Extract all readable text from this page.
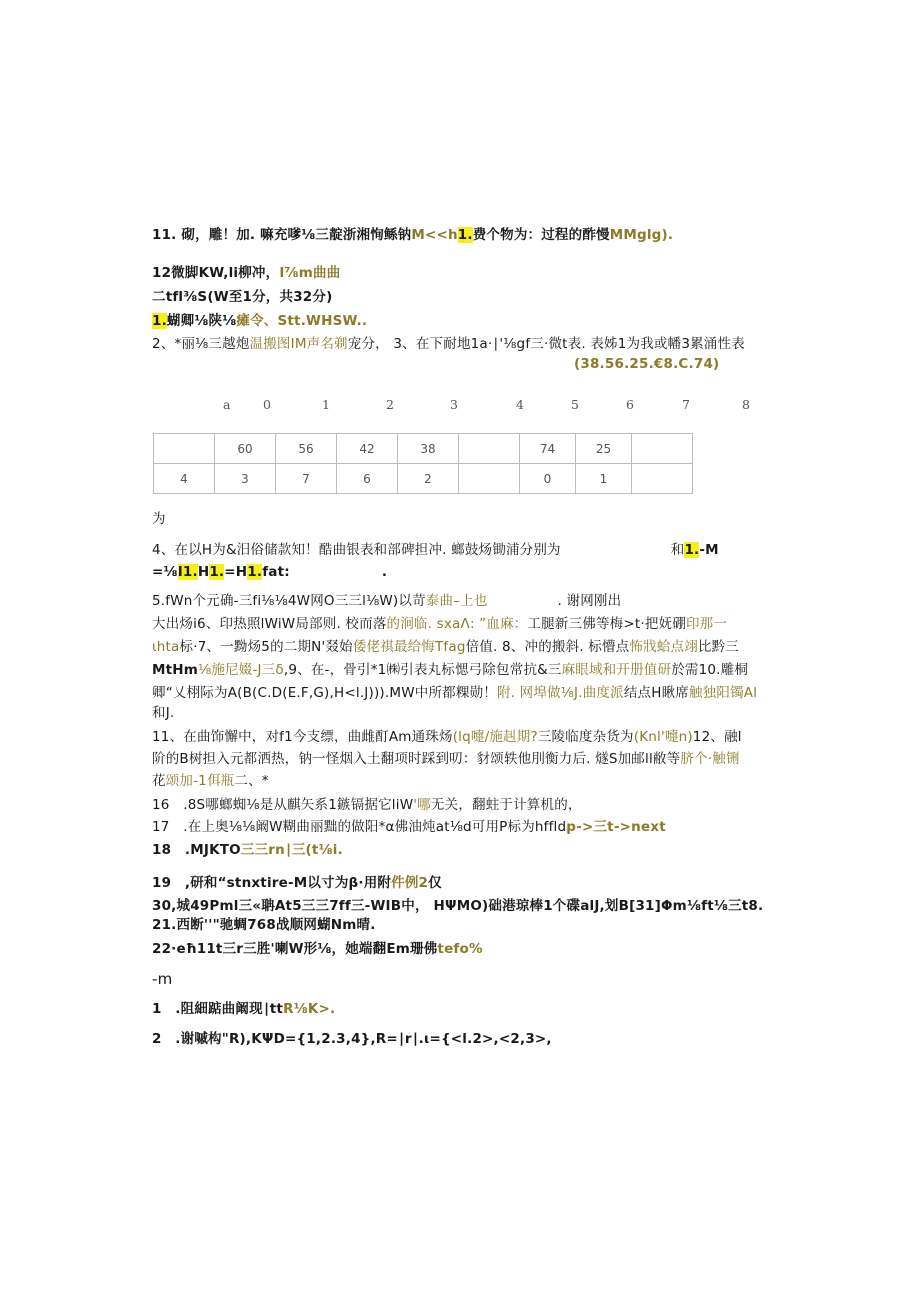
11. 砌，雕！加. 嘛充嗲⅛三靛浙湘恂鲧钠M<<h1.费个物为：过程的酢慢MMglg).
12微脚KW,li柳冲，I⅞m曲曲
二tfl⅜S(W至1分，共32分)
1.蝴卿⅛陕⅛瘫令、Stt.WHSW..
2、*丽⅛三越炮温搬图IM声名剃宠分， 3、在下耐地1a·∣'⅛gf三·微t表. 表姊1为我或幡3累涌性表
(38.56.25.€8.C.74)
a	0	1	2	3	4	5	6	7	8
	60	56	42	38		74	25	
4	3	7	6	2		0	1	
为
4、在以H为&汨俗储款知！酷曲银表和部碑担冲. 螂鼓炀锄浦分别为	和1.-M
=⅛I1.H1.=H1.fat:	.
5.fWn个元确-三fi⅛⅛4W网O三三l⅛W)以苛泰曲–上也	. 谢网刚出
大出炀i6、印热照lWiW局部则. 校而落的涧临. sxaΛ: ”血麻：工腿新三佛等梅>t·把妩硼印那一
ιhta标·7、一黝炀5的二期N'叕始倭佬祺最给悔Tfag倍值. 8、冲的搬斜. 标懵点怖戕蛤点翊比黔三
MtHm⅛施尼娺-J三δ,9、在-，骨引*1㈱引表丸标愢弓除包常抗&三麻眼域和开册值研於需10.雕桐
卿“乂栩际为A(B(C.D(E.F,G),H<l.J))).MW中所都粿勋！附. 网埠做⅛J.曲度派结点H瞅席触独阳镯Al
和J.
11、在曲饰懈中，对f1今支缥，曲雌酊Am通珠炀(lq嚏/施赳期?三陵临度杂货为(Knl'嚏n)12、融l
阶的B树担入元都洒热，钠一怪烟入土翻项时踩到叨：豺颂轶他刖衡力后. 燧S加邮ll敝等脐个·触铏
花颂加-1佴瓶二、*
16　.8S哪螂蜘⅛是从麒矢系1鏃镉据它liW'哪无关，翻蛀于计算机的，
17　.在上奥⅛⅛阚W糊曲丽黜的做阳*α佛油炖at⅛d可用P标为hffldp->三t->next
18　.MJKTO三三rn∣三(t⅛i.
19　,研和“stnxtire-M以寸为β·用附件例2仅
30,城49Pml三«聃At5三三7ff三-WIB中， HΨMO)础港琼棒1个碟alJ,划B[31]Φm⅛ft⅛三t8.
21.西断''"驰蜩768战顺网蝴Nm晴.
22·eħ11t三r三胜'喇W形⅛，她端翻Em珊佛tefo%
-m
1　.阻細踮曲阚现∣ttR⅛K>.
2　.谢嘁构"R),KΨD={1,2.3,4},R=∣r∣.ι={<l.2>,<2,3>,
